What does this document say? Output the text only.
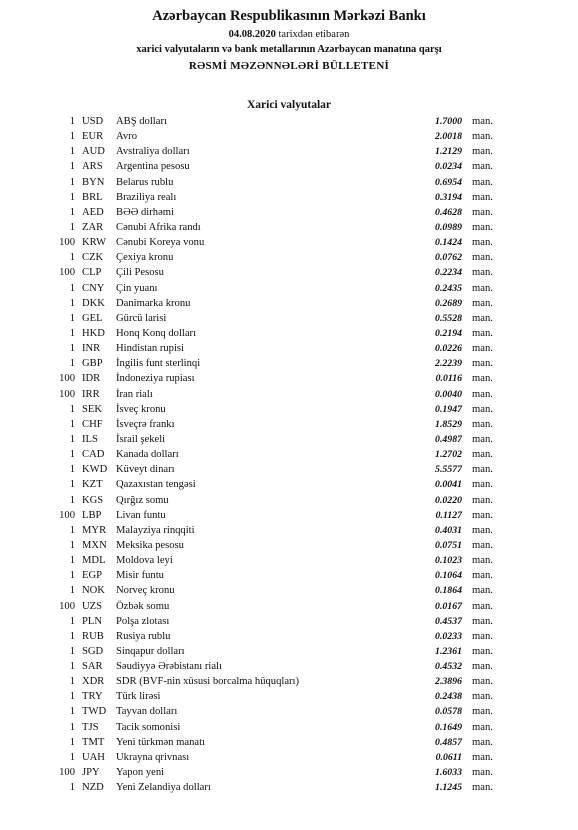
Azərbaycan Respublikasının Mərkəzi Bankı
04.08.2020 tarixdən etibarən
xarici valyutaların və bank metallarının Azərbaycan manatına qarşı
RƏSMİ MƏZƏNNƏLƏRİ BÜLLETENİ
Xarici valyutalar
1 USD ABŞ dolları	1.7000 man.
1 EUR Avro	2.0018 man.
1 AUD Avstraliya dolları	1.2129 man.
1 ARS Argentina pesosu	0.0234 man.
1 BYN Belarus rublu	0.6954 man.
1 BRL Braziliya realı	0.3194 man.
1 AED BƏƏ dirhəmi	0.4628 man.
1 ZAR Cənubi Afrika randı	0.0989 man.
100 KRW Cənubi Koreya vonu	0.1424 man.
1 CZK Çexiya kronu	0.0762 man.
100 CLP Çili Pesosu	0.2234 man.
1 CNY Çin yuanı	0.2435 man.
1 DKK Danimarka kronu	0.2689 man.
1 GEL Gürcü larisi	0.5528 man.
1 HKD Honq Konq dolları	0.2194 man.
1 INR Hindistan rupisi	0.0226 man.
1 GBP İngilis funt sterlinqi	2.2239 man.
100 IDR İndoneziya rupiası	0.0116 man.
100 IRR İran rialı	0.0040 man.
1 SEK İsveç kronu	0.1947 man.
1 CHF İsveçrə frankı	1.8529 man.
1 ILS İsrail şekeli	0.4987 man.
1 CAD Kanada dolları	1.2702 man.
1 KWD Küveyt dinarı	5.5577 man.
1 KZT Qazaxıstan tengəsi	0.0041 man.
1 KGS Qırğız somu	0.0220 man.
100 LBP Livan funtu	0.1127 man.
1 MYR Malayziya rinqqiti	0.4031 man.
1 MXN Meksika pesosu	0.0751 man.
1 MDL Moldova leyi	0.1023 man.
1 EGP Misir funtu	0.1064 man.
1 NOK Norveç kronu	0.1864 man.
100 UZS Özbək somu	0.0167 man.
1 PLN Polşa zlotası	0.4537 man.
1 RUB Rusiya rublu	0.0233 man.
1 SGD Sinqapur dolları	1.2361 man.
1 SAR Səudiyyə Ərəbistanı rialı	0.4532 man.
1 XDR SDR (BVF-nin xüsusi borcalma hüquqları)	2.3896 man.
1 TRY Türk lirəsi	0.2438 man.
1 TWD Tayvan dolları	0.0578 man.
1 TJS Tacik somonisi	0.1649 man.
1 TMT Yeni türkmən manatı	0.4857 man.
1 UAH Ukrayna qrivnası	0.0611 man.
100 JPY Yapon yeni	1.6033 man.
1 NZD Yeni Zelandiya dolları	1.1245 man.
